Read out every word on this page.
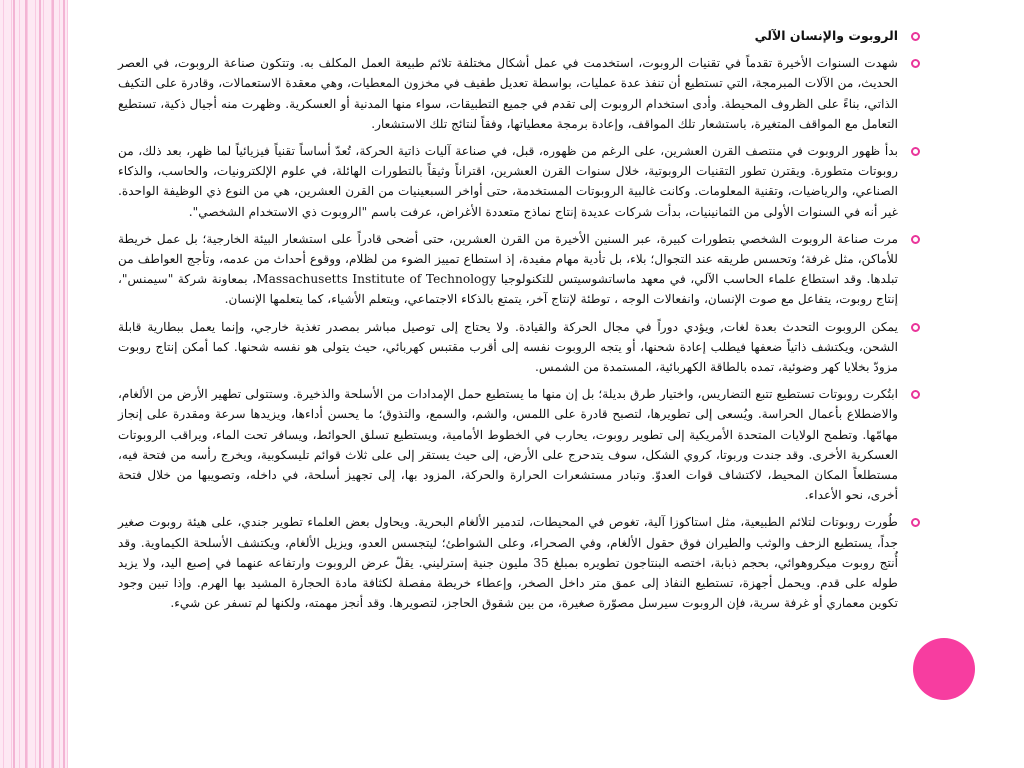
الروبوت والإنسان الآلي
شهدت السنوات الأخيرة تقدماً في تقنيات الروبوت، استخدمت في عمل أشكال مختلفة تلائم طبيعة العمل المكلف به. وتتكون صناعة الروبوت، في العصر الحديث، من الآلات المبرمجة، التي تستطيع أن تنفذ عدة عمليات، بواسطة تعديل طفيف في مخزون المعطيات، وهي معقدة الاستعمالات، وقادرة على التكيف الذاتي، بناءً على الظروف المحيطة. وأدى استخدام الروبوت إلى تقدم في جميع التطبيقات، سواء منها المدنية أو العسكرية. وظهرت منه أجيال ذكية، تستطيع التعامل مع المواقف المتغيرة، باستشعار تلك المواقف، وإعادة برمجة معطياتها، وفقاً لنتائج تلك الاستشعار.
بدأ ظهور الروبوت في منتصف القرن العشرين، على الرغم من ظهوره، قبل، في صناعة آليات ذاتية الحركة، تُعدّ أساساً تقنياً فيزيائياً لما ظهر، بعد ذلك، من روبوتات متطورة. ويقترن تطور التقنيات الروبوتية، خلال سنوات القرن العشرين، اقتراناً وثيقاً بالتطورات الهائلة، في علوم الإلكترونيات، والحاسب، والذكاء الصناعي، والرياضيات، وتقنية المعلومات. وكانت غالبية الروبوتات المستخدمة، حتى أواخر السبعينيات من القرن العشرين، هي من النوع ذي الوظيفة الواحدة. غير أنه في السنوات الأولى من الثمانينيات، بدأت شركات عديدة إنتاج نماذج متعددة الأغراض، عرفت باسم "الروبوت ذي الاستخدام الشخصي".
مرت صناعة الروبوت الشخصي بتطورات كبيرة، عبر السنين الأخيرة من القرن العشرين، حتى أضحى قادراً على استشعار البيئة الخارجية؛ بل عمل خريطة للأماكن، مثل غرفة؛ وتحسس طريقه عند التجوال؛ بلاء، بل تأدية مهام مفيدة، إذ استطاع تمييز الضوء من لظلام، ووقوع أحداث من عدمه، وتأجج العواطف من تبلدها. وقد استطاع علماء الحاسب الآلي، في معهد ماساتشوسيتس للتكنولوجيا Massachusetts Institute of Technology، بمعاونة شركة "سيمنس"، إنتاج روبوت، يتفاعل مع صوت الإنسان، وانفعالات الوجه ، توطئة لإنتاج آخر، يتمتع بالذكاء الاجتماعي، ويتعلم الأشياء، كما يتعلمها الإنسان.
يمكن الروبوت التحدث بعدة لغات, ويؤدي دوراً في مجال الحركة والقيادة. ولا يحتاج إلى توصيل مباشر بمصدر تغذية خارجي، وإنما يعمل ببطارية قابلة الشحن، ويكتشف ذاتياً ضعفها فيطلب إعادة شحنها، أو يتجه الروبوت نفسه إلى أقرب مقتبس كهربائي، حيث يتولى هو نفسه شحنها. كما أمكن إنتاج روبوت مزودّ بخلايا كهر وضوئية، تمده بالطاقة الكهربائية، المستمدة من الشمس.
ابتُكرت روبوتات تستطيع تتبع التضاريس، واختيار طرق بديلة؛ بل إن منها ما يستطيع حمل الإمدادات من الأسلحة والذخيرة. وستتولى تطهير الأرض من الألغام، والاضطلاع بأعمال الحراسة. ويُسعى إلى تطويرها، لتصبح قادرة على اللمس، والشم، والسمع، والتذوق؛ ما يحسن أداءها، ويزيدها سرعة ومقدرة على إنجاز مهامّها. وتطمح الولايات المتحدة الأمريكية إلى تطوير روبوت، يحارب في الخطوط الأمامية، ويستطيع تسلق الحوائط، ويسافر تحت الماء، ويراقب الروبوتات العسكرية الأخرى. وقد جندت وربوتا، كروي الشكل، سوف يتدحرج على الأرض، إلى حيث يستقر إلى على ثلاث قوائم تليسكوبية، ويخرج رأسه من فتحة فيه، مستطلعاً المكان المحيط، لاكتشاف قوات العدوّ. وتبادر مستشعرات الحرارة والحركة، المزود بها، إلى تجهيز أسلحة، في داخله، وتصويبها من خلال فتحة أخرى، نحو الأعداء.
طُورت روبوتات لتلائم الطبيعية، مثل استاكوزا آلية، تغوص في المحيطات، لتدمير الألغام البحرية. ويحاول بعض العلماء تطوير جندي، على هيئة روبوت صغير جداً، يستطيع الزحف والوثب والطيران فوق حقول الألغام، وفي الصحراء، وعلى الشواطئ؛ ليتجسس العدو، ويزيل الألغام، ويكتشف الأسلحة الكيماوية. وقد أُنتج روبوت ميكروهوائي، بحجم ذبابة، اختصه البنتاجون تطويره بمبلغ 35 مليون جنية إسترليني. يقلّ عرض الروبوت وارتفاعه عنهما في إصبع اليد، ولا يزيد طوله على قدم. ويحمل أجهزة، تستطيع النفاذ إلى عمق متر داخل الصخر، وإعطاء خريطة مفصلة لكثافة مادة الحجارة المشيد بها الهرم. وإذا تبين وجود تكوين معماري أو غرفة سرية، فإن الروبوت سيرسل مصوّرة صغيرة، من بين شقوق الحاجز، لتصويرها. وقد أنجز مهمته، ولكنها لم تسفر عن شيء.
